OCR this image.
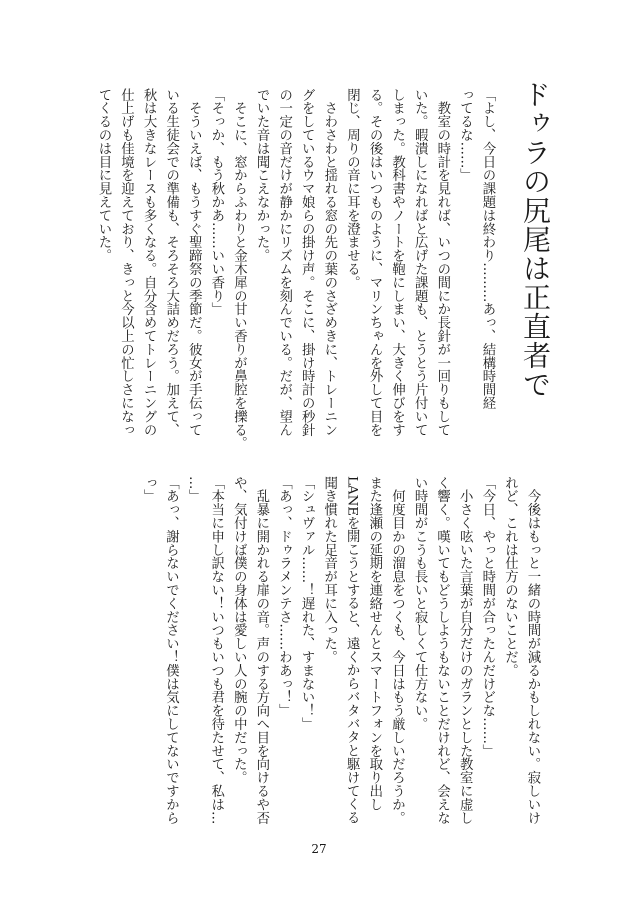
ドゥラの尻尾は正直者で

「よし、今日の課題は終わり………あっ、結構時間経

ってるな……」

　教室の時計を見れば、いつの間にか長針が一回りもして

いた。暇潰しになればと広げた課題も、とうとう片付いて

しまった。教科書やノートを鞄にしまい、大きく伸びをす

る。その後はいつものように、マリンちゃんを外して目を

閉じ、周りの音に耳を澄ませる。

　さわさわと揺れる窓の先の葉のさざめきに、トレーニン

グをしているウマ娘らの掛け声。そこに、掛け時計の秒針

の一定の音だけが静かにリズムを刻んでいる。だが、望ん

でいた音は聞こえなかった。

　そこに、窓からふわりと金木犀の甘い香りが鼻腔を擽る。

「そっか、もう秋かあ……いい香り」

　そういえば、もうすぐ聖蹄祭の季節だ。彼女が手伝って

いる生徒会での準備も、そろそろ大詰めだろう。加えて、

秋は大きなレースも多くなる。自分含めてトレーニングの

仕上げも佳境を迎えており、きっと今以上の忙しさになっ

てくるのは目に見えていた。

　今後はもっと一緒の時間が減るかもしれない。寂しいけ

れど、これは仕方のないことだ。

「今日、やっと時間が合ったんだけどな……」

　小さく呟いた言葉が自分だけのガランとした教室に虚し

く響く。嘆いてもどうしようもないことだけれど、会えな

い時間がこうも長いと寂しくて仕方ない。

　何度目かの溜息をつくも、今日はもう厳しいだろうか。

また逢瀬の延期を連絡せんとスマートフォンを取り出し

LANEを開こうとすると、遠くからバタバタと駆けてくる

聞き慣れた足音が耳に入った。

「シュヴァル……！遅れた、すまない！」

「あっ、ドゥラメンテさ……わあっ！」

　乱暴に開かれる扉の音。声のする方向へ目を向けるや否

や、気付けば僕の身体は愛しい人の腕の中だった。

「本当に申し訳ない！いつもいつも君を待たせて、私は…

…」

「あっ、謝らないでください！僕は気にしてないですから

っ」

27
